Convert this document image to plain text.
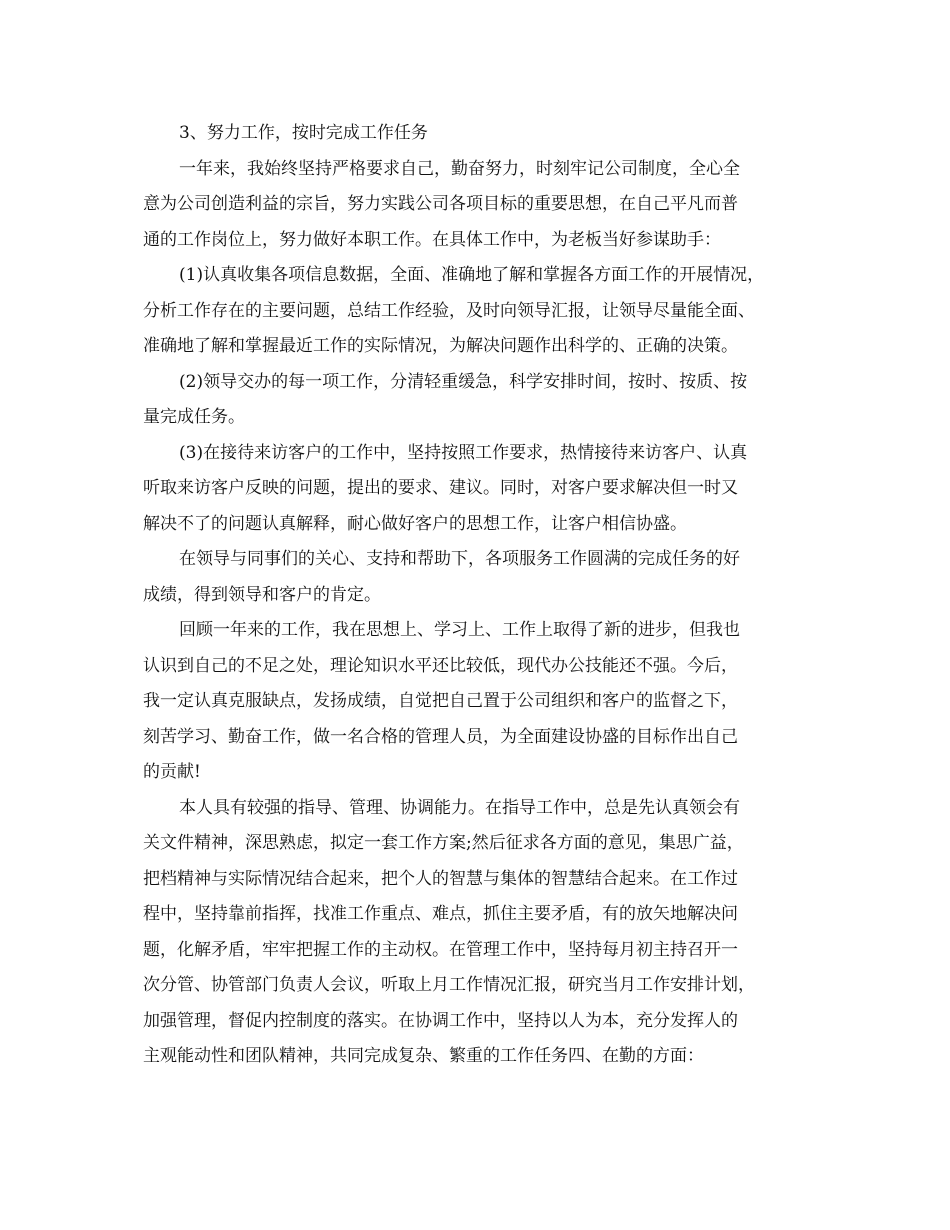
3、努力工作，按时完成工作任务

一年来，我始终坚持严格要求自己，勤奋努力，时刻牢记公司制度，全心全
意为公司创造利益的宗旨，努力实践公司各项目标的重要思想，在自己平凡而普
通的工作岗位上，努力做好本职工作。在具体工作中，为老板当好参谋助手：
(1)认真收集各项信息数据，全面、准确地了解和掌握各方面工作的开展情况，
分析工作存在的主要问题，总结工作经验，及时向领导汇报，让领导尽量能全面、
准确地了解和掌握最近工作的实际情况，为解决问题作出科学的、正确的决策。
(2)领导交办的每一项工作，分清轻重缓急，科学安排时间，按时、按质、按
量完成任务。
(3)在接待来访客户的工作中，坚持按照工作要求，热情接待来访客户、认真
听取来访客户反映的问题，提出的要求、建议。同时，对客户要求解决但一时又
解决不了的问题认真解释，耐心做好客户的思想工作，让客户相信协盛。
在领导与同事们的关心、支持和帮助下，各项服务工作圆满的完成任务的好
成绩，得到领导和客户的肯定。
回顾一年来的工作，我在思想上、学习上、工作上取得了新的进步，但我也
认识到自己的不足之处，理论知识水平还比较低，现代办公技能还不强。今后，
我一定认真克服缺点，发扬成绩，自觉把自己置于公司组织和客户的监督之下，
刻苦学习、勤奋工作，做一名合格的管理人员，为全面建设协盛的目标作出自己
的贡献!
本人具有较强的指导、管理、协调能力。在指导工作中，总是先认真领会有
关文件精神，深思熟虑，拟定一套工作方案;然后征求各方面的意见，集思广益，
把档精神与实际情况结合起来，把个人的智慧与集体的智慧结合起来。在工作过
程中，坚持靠前指挥，找准工作重点、难点，抓住主要矛盾，有的放矢地解决问
题，化解矛盾，牢牢把握工作的主动权。在管理工作中，坚持每月初主持召开一
次分管、协管部门负责人会议，听取上月工作情况汇报，研究当月工作安排计划，
加强管理，督促内控制度的落实。在协调工作中，坚持以人为本，充分发挥人的
主观能动性和团队精神，共同完成复杂、繁重的工作任务四、在勤的方面：
